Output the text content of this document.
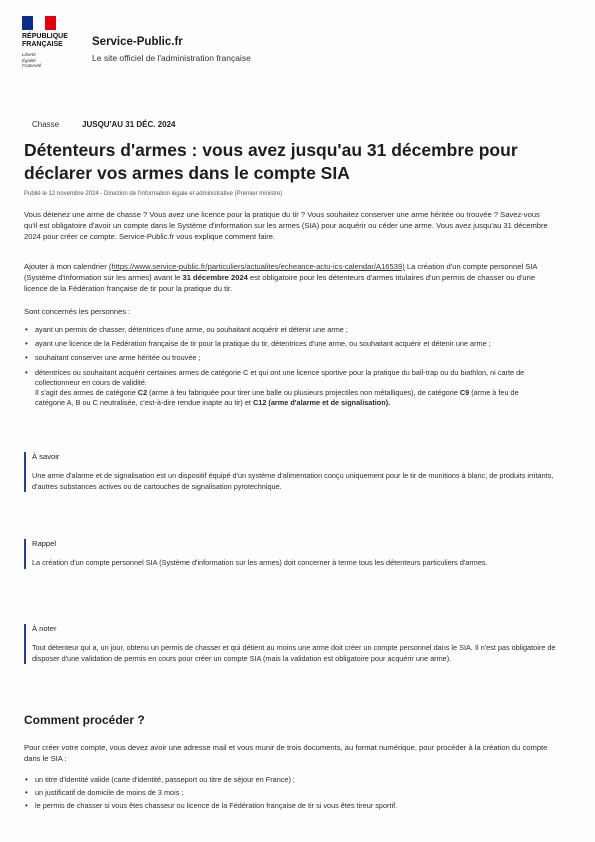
RÉPUBLIQUE
FRANÇAISE
Liberté
Égalité
Fraternité
Service-Public.fr
Le site officiel de l'administration française
Chasse	JUSQU'AU 31 DÉC. 2024
Détenteurs d'armes : vous avez jusqu'au 31 décembre pour déclarer vos armes dans le compte SIA
Publié le 12 novembre 2024 - Direction de l'information légale et administrative (Premier ministre)

Vous détenez une arme de chasse ? Vous avez une licence pour la pratique du tir ? Vous souhaitez conserver une arme héritée ou trouvée ? Savez-vous qu'il est obligatoire d'avoir un compte dans le Système d'information sur les armes (SIA) pour acquérir ou céder une arme. Vous avez jusqu'au 31 décembre 2024 pour créer ce compte. Service-Public.fr vous explique comment faire.

Ajouter à mon calendrier (https://www.service-public.fr/particuliers/actualites/echeance-actu-ics-calendar/A16539) La création d'un compte personnel SIA (Système d'information sur les armes) avant le 31 décembre 2024 est obligatoire pour les détenteurs d'armes titulaires d'un permis de chasser ou d'une licence de la Fédération française de tir pour la pratique du tir.

Sont concernés les personnes :

• ayant un permis de chasser, détentrices d'une arme, ou souhaitant acquérir et détenir une arme ;
• ayant une licence de la Fédération française de tir pour la pratique du tir, détentrices d'une arme, ou souhaitant acquérir et détenir une arme ;
• souhaitant conserver une arme héritée ou trouvée ;
• détentrices ou souhaitant acquérir certaines armes de catégorie C et qui ont une licence sportive pour la pratique du ball-trap ou du biathlon, ni carte de collectionneur en cours de validité.
Il s'agit des armes de catégorie C2 (arme à feu fabriquée pour tirer une balle ou plusieurs projectiles non métalliques), de catégorie C9 (arme à feu de catégorie A, B ou C neutralisée, c'est-à-dire rendue inapte au tir) et C12 (arme d'alarme et de signalisation).
À savoir
Une arme d'alarme et de signalisation est un dispositif équipé d'un système d'alimentation conçu uniquement pour le tir de munitions à blanc, de produits irritants, d'autres substances actives ou de cartouches de signalisation pyrotechnique.
Rappel
La création d'un compte personnel SIA (Système d'information sur les armes) doit concerner à terme tous les détenteurs particuliers d'armes.
À noter
Tout détenteur qui a, un jour, obtenu un permis de chasser et qui détient au moins une arme doit créer un compte personnel dans le SIA. Il n'est pas obligatoire de disposer d'une validation de permis en cours pour créer un compte SIA (mais la validation est obligatoire pour acquérir une arme).
Comment procéder ?

Pour créer votre compte, vous devez avoir une adresse mail et vous munir de trois documents, au format numérique, pour procéder à la création du compte dans le SIA :

• un titre d'identité valide (carte d'identité, passeport ou titre de séjour en France) ;
• un justificatif de domicile de moins de 3 mois ;
• le permis de chasser si vous êtes chasseur ou licence de la Fédération française de tir si vous êtes tireur sportif.
